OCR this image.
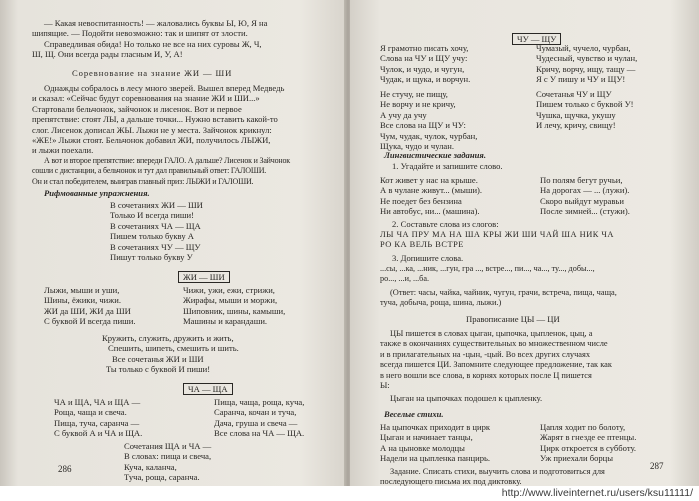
— Какая невоспитанность! — жаловались буквы Ы, Ю, Я на
шипящие. — Подойти невозможно: так и шипят от злости.
Справедливая обида! Но только не все на них суровы Ж, Ч,
Ш, Щ. Они всегда рады гласным И, У, А!
Соревнование на знание ЖИ — ШИ
Однажды собралось в лесу много зверей. Вышел вперед Медведь
и сказал: «Сейчас будут соревнования на знание ЖИ и ШИ...»
Стартовали бельчонок, зайчонок и лисенок. Вот и первое
препятствие: стоят ЛЫ, а дальше точки... Нужно вставить какой-то
слог. Лисенок дописал ЖЫ. Лыжи не у места. Зайчонок крикнул:
«ЖЕ!» Лыжи стоят. Бельчонок добавил ЖИ, получилось ЛЫЖИ,
и лыжи поехали.
А вот и второе препятствие: впереди ГАЛО. А дальше? Лисенок и Зайчонок
сошли с дистанции, а бельчонок и тут дал правильный ответ: ГАЛОШИ.
Он и стал победителем, выиграв главный приз: ЛЫЖИ и ГАЛОШИ.
Рифмованные упражнения.
В сочетаниях ЖИ — ШИ
Только И всегда пиши!
В сочетаниях ЧА — ЩА
Пишем только букву А
В сочетаниях ЧУ — ЩУ
Пишут только букву У
ЖИ — ШИ
Лыжи, мыши и уши,
Шины, ёжики, чижи.
ЖИ да ШИ, ЖИ да ШИ
С буквой И всегда пиши.
Чижи, ужи, ежи, стрижи,
Жирафы, мыши и моржи,
Шиповник, шины, камыши,
Машины и карандаши.
Кружить, служить, дружить и жить,
Спешить, шипеть, смешить и шить.
Все сочетанья ЖИ и ШИ
Ты только с буквой И пиши!
ЧА — ЩА
ЧА и ЩА, ЧА и ЩА —
Роща, чаща и свеча.
Пища, туча, саранча —
С буквой А и ЧА и ЩА.
Пища, чаща, роща, куча,
Саранча, кочан и туча,
Дача, груша и свеча —
Все слова на ЧА — ЩА.
Сочетания ЩА и ЧА —
В словах: пища и свеча,
Куча, каланча,
Туча, роща, саранча.
286
ЧУ — ЩУ
Я грамотно писать хочу,
Слова на ЧУ и ЩУ учу:
Чулок, и чудо, и чугун,
Чудак, и щука, и ворчун.
Чумазый, чучело, чурбан,
Чудесный, чувство и чулан,
Кричу, ворчу, ищу, тащу —
Я с У пишу и ЧУ и ЩУ!
Не стучу, не пищу,
Не ворчу и не кричу,
А учу да учу
Все слова на ЩУ и ЧУ:
Чум, чудак, чулок, чурбан,
Щука, чудо и чулан.
Сочетанья ЧУ и ЩУ
Пишем только с буквой У!
Чушка, щучка, укушу
И лечу, кричу, свищу!
Лингвистические задания.
1. Угадайте и запишите слово.
Кот живет у нас на крыше.
А в чулане живут... (мыши).
Не поедет без бензина
Ни автобус, ни... (машина).
По полям бегут ручьи,
На дорогах — ... (лужи).
Скоро выйдут муравьи
После зимней... (стужи).
2. Составьте слова из слогов:
ЛЫ ЧА ПРУ МА НА ША КРЫ ЖИ ШИ ЧАЙ ША НИК ЧА
РО КА ВЕЛЬ ВСТРЕ
3. Допишите слова.
...сы, ...ка, ...ник, ...гун, гра ..., встре..., пи..., ча..., ту..., добы...,
ро..., ...и, ...ба.
(Ответ: часы, чайка, чайник, чугун, грачи, встреча, пища, чаща,
туча, добыча, роща, шина, лыжи.)
Правописание ЦЫ — ЦИ
ЦЫ пишется в словах цыган, цыпочка, цыпленок, цыц, а
также в окончаниях существительных во множественном числе
и в прилагательных на -цын, -цый. Во всех других случаях
всегда пишется ЦИ. Запомните следующее предложение, так как
в него вошли все слова, в корнях которых после Ц пишется
Ы:
Цыган на цыпочках подошел к цыпленку.
Веселые стихи.
На цыпочках приходит в цирк
Цыган и начинает танцы,
А на цыновке молодцы
Надели на цыпленка панцирь.
Цапля ходит по болоту,
Жарят в гнезде ее птенцы.
Цирк откроется в субботу.
Уж приехали борцы
Задание. Списать стихи, выучить слова и подготовиться для
последующего письма их под диктовку.
287
http://www.liveinternet.ru/users/ksu11111/
